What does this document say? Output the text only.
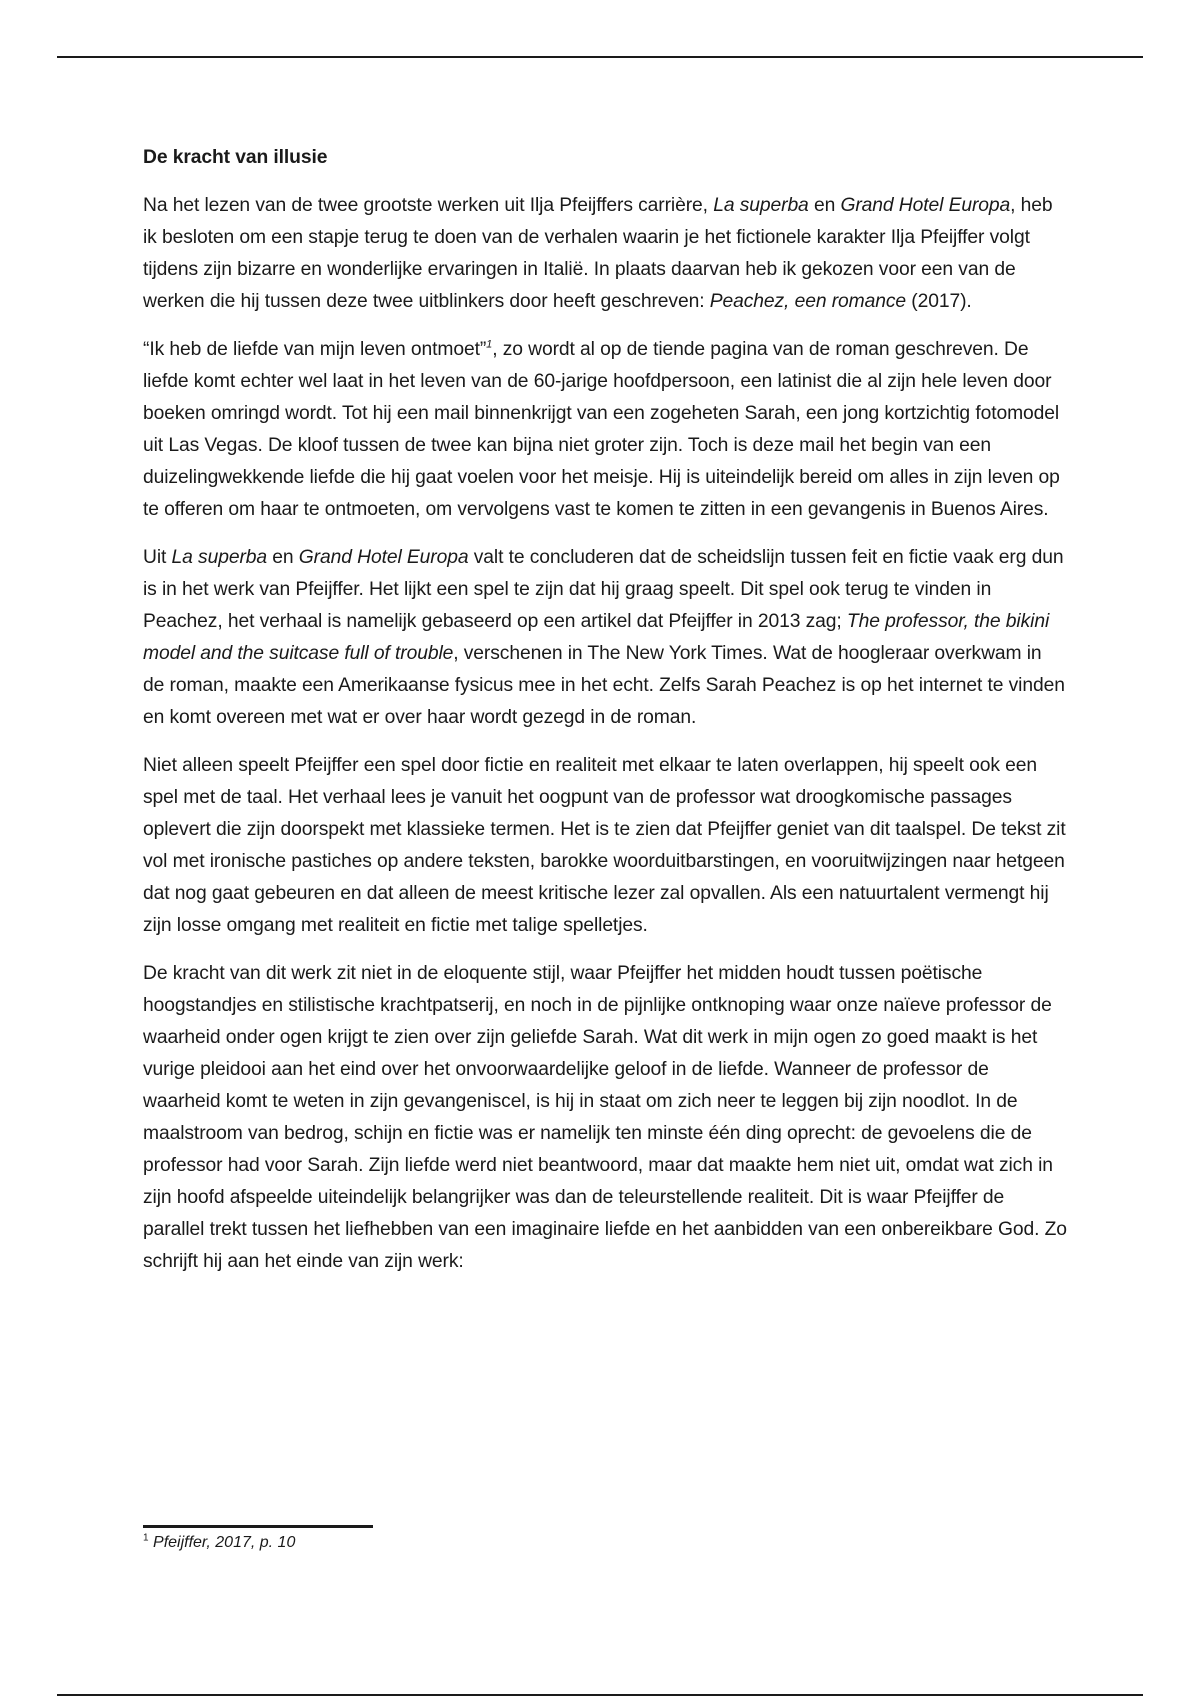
De kracht van illusie

Na het lezen van de twee grootste werken uit Ilja Pfeijffers carrière, La superba en Grand Hotel Europa, heb ik besloten om een stapje terug te doen van de verhalen waarin je het fictionele karakter Ilja Pfeijffer volgt tijdens zijn bizarre en wonderlijke ervaringen in Italië. In plaats daarvan heb ik gekozen voor een van de werken die hij tussen deze twee uitblinkers door heeft geschreven: Peachez, een romance (2017).

“Ik heb de liefde van mijn leven ontmoet”$^1$, zo wordt al op de tiende pagina van de roman geschreven. De liefde komt echter wel laat in het leven van de 60-jarige hoofdpersoon, een latinist die al zijn hele leven door boeken omringd wordt. Tot hij een mail binnenkrijgt van een zogeheten Sarah, een jong kortzichtig fotomodel uit Las Vegas. De kloof tussen de twee kan bijna niet groter zijn. Toch is deze mail het begin van een duizelingwekkende liefde die hij gaat voelen voor het meisje. Hij is uiteindelijk bereid om alles in zijn leven op te offeren om haar te ontmoeten, om vervolgens vast te komen te zitten in een gevangenis in Buenos Aires.

Uit La superba en Grand Hotel Europa valt te concluderen dat de scheidslijn tussen feit en fictie vaak erg dun is in het werk van Pfeijffer. Het lijkt een spel te zijn dat hij graag speelt. Dit spel ook terug te vinden in Peachez, het verhaal is namelijk gebaseerd op een artikel dat Pfeijffer in 2013 zag; The professor, the bikini model and the suitcase full of trouble, verschenen in The New York Times. Wat de hoogleraar overkwam in de roman, maakte een Amerikaanse fysicus mee in het echt. Zelfs Sarah Peachez is op het internet te vinden en komt overeen met wat er over haar wordt gezegd in de roman.

Niet alleen speelt Pfeijffer een spel door fictie en realiteit met elkaar te laten overlappen, hij speelt ook een spel met de taal. Het verhaal lees je vanuit het oogpunt van de professor wat droogkomische passages oplevert die zijn doorspekt met klassieke termen. Het is te zien dat Pfeijffer geniet van dit taalspel. De tekst zit vol met ironische pastiches op andere teksten, barokke woorduitbarstingen, en vooruitwijzingen naar hetgeen dat nog gaat gebeuren en dat alleen de meest kritische lezer zal opvallen. Als een natuurtalent vermengt hij zijn losse omgang met realiteit en fictie met talige spelletjes.

De kracht van dit werk zit niet in de eloquente stijl, waar Pfeijffer het midden houdt tussen poëtische hoogstandjes en stilistische krachtpatserij, en noch in de pijnlijke ontknoping waar onze naïeve professor de waarheid onder ogen krijgt te zien over zijn geliefde Sarah. Wat dit werk in mijn ogen zo goed maakt is het vurige pleidooi aan het eind over het onvoorwaardelijke geloof in de liefde. Wanneer de professor de waarheid komt te weten in zijn gevangeniscel, is hij in staat om zich neer te leggen bij zijn noodlot. In de maalstroom van bedrog, schijn en fictie was er namelijk ten minste één ding oprecht: de gevoelens die de professor had voor Sarah. Zijn liefde werd niet beantwoord, maar dat maakte hem niet uit, omdat wat zich in zijn hoofd afspeelde uiteindelijk belangrijker was dan de teleurstellende realiteit. Dit is waar Pfeijffer de parallel trekt tussen het liefhebben van een imaginaire liefde en het aanbidden van een onbereikbare God. Zo schrijft hij aan het einde van zijn werk:

$^1$ Pfeijffer, 2017, p. 10
